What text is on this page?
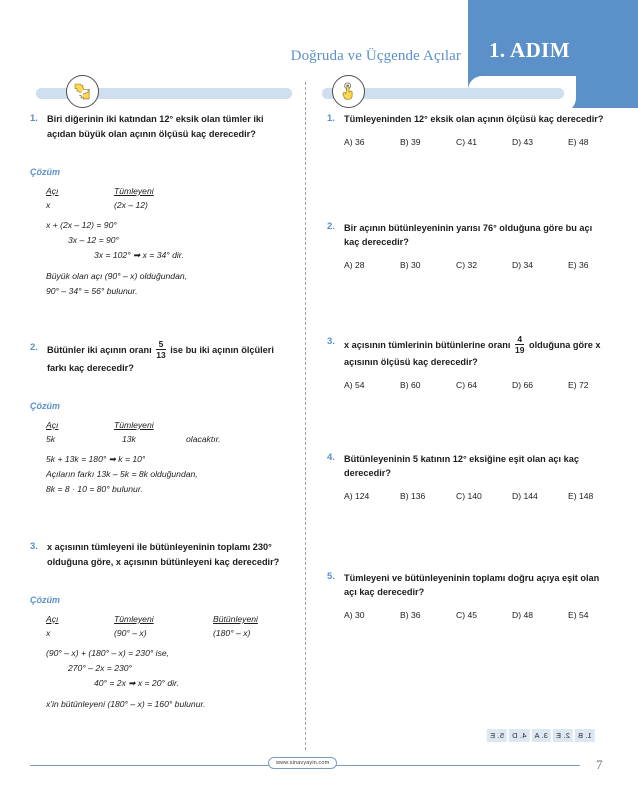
1. ADIM
Doğruda ve Üçgende Açılar
1. Biri diğerinin iki katından 12° eksik olan tümler iki açıdan büyük olan açının ölçüsü kaç derecedir?
Çözüm
Açı	Tümleyeni
x	(2x – 12)
x + (2x – 12) = 90°
3x – 12 = 90°
3x = 102° ➡ x = 34° dir.
Büyük olan açı (90° – x) olduğundan,
90° – 34° = 56° bulunur.
2. Bütünler iki açının oranı $\frac{5}{13}$ ise bu iki açının ölçüleri farkı kaç derecedir?
Çözüm
Açı	Tümleyeni
5k	13k	olacaktır.
5k + 13k = 180° ➡ k = 10°
Açıların farkı 13k – 5k = 8k olduğundan,
8k = 8 · 10 = 80° bulunur.
3. x açısının tümleyeni ile bütünleyeninin toplamı 230° olduğuna göre, x açısının bütünleyeni kaç derecedir?
Çözüm
Açı	Tümleyeni	Bütünleyeni
x	(90° – x)	(180° – x)
(90° – x) + (180° – x) = 230° ise,
270° – 2x = 230°
40° = 2x ➡ x = 20° dir.
x'in bütünleyeni (180° – x) = 160° bulunur.
1. Tümleyeninden 12° eksik olan açının ölçüsü kaç derecedir?
A) 36	B) 39	C) 41	D) 43	E) 48
2. Bir açının bütünleyeninin yarısı 76° olduğuna göre bu açı kaç derecedir?
A) 28	B) 30	C) 32	D) 34	E) 36
3. x açısının tümlerinin bütünlerine oranı $\frac{4}{19}$ olduğuna göre x açısının ölçüsü kaç derecedir?
A) 54	B) 60	C) 64	D) 66	E) 72
4. Bütünleyeninin 5 katının 12° eksiğine eşit olan açı kaç derecedir?
A) 124	B) 136	C) 140	D) 144	E) 148
5. Tümleyeni ve bütünleyeninin toplamı doğru açıya eşit olan açı kaç derecedir?
A) 30	B) 36	C) 45	D) 48	E) 54
1. B
2. E
3. A
4. D
5. E
www.sinavyayin.com	7
